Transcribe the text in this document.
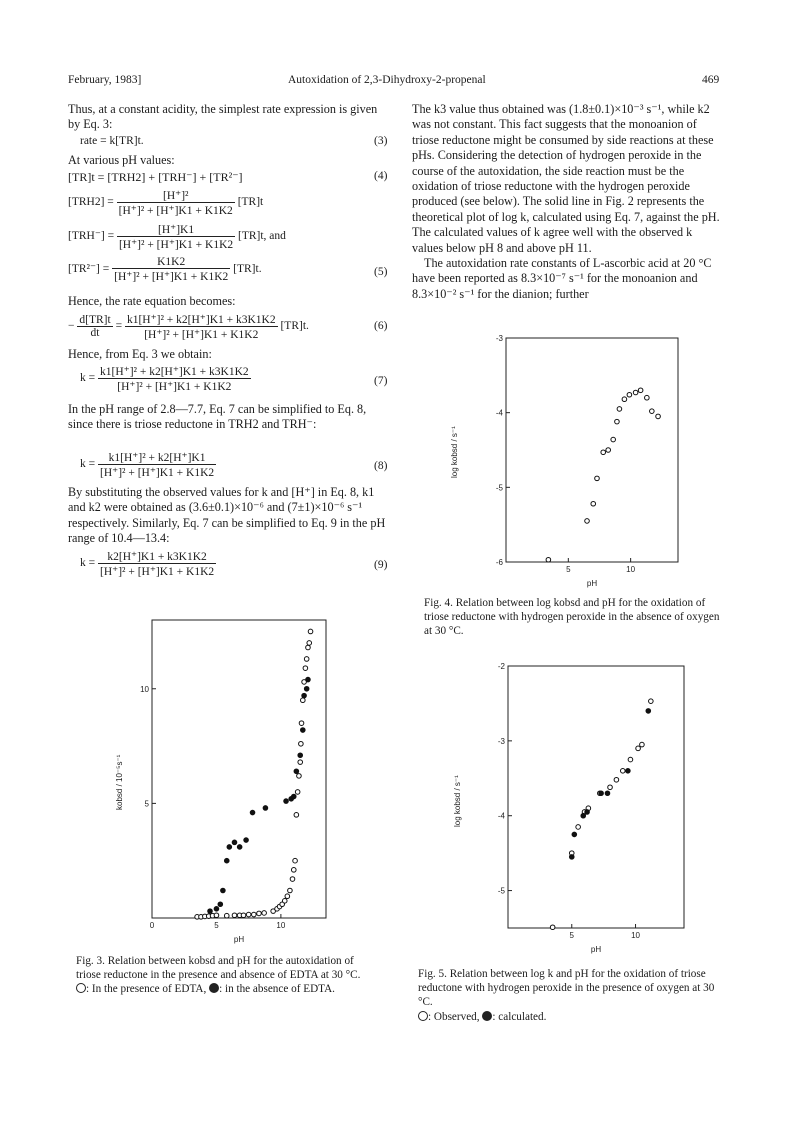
February, 1983]	Autoxidation of 2,3-Dihydroxy-2-propenal	469

Thus, at a constant acidity, the simplest rate expression is given by Eq. 3:

rate = k[TR]t.	(3)

At various pH values:

[TR]t = [TRH2] + [TRH⁻] + [TR²⁻]	(4)
$[TRH2] = \frac{\text{[H⁺]²}}{\text{[H⁺]² + [H⁺]K1 + K1K2}} [TR]t$
$[TRH^-] = \frac{[H^+]K1}{\text{[H⁺]² + [H⁺]K1 + K1K2}} [TR]t$, and
$[TR^{2-}] = \frac{K1K2}{\text{[H⁺]² + [H⁺]K1 + K1K2}} [TR]t$.	(5)

Hence, the rate equation becomes:

− $\frac{d[TR]t}{dt} = \frac{\text{k1[H⁺]² + k2[H⁺]K1 + k3K1K2}}{\text{[H⁺]² + [H⁺]K1 + K1K2}} [TR]t$.	(6)

Hence, from Eq. 3 we obtain:

$k = \frac{\text{k1[H⁺]² + k2[H⁺]K1 + k3K1K2}}{\text{[H⁺]² + [H⁺]K1 + K1K2}}$	(7)

In the pH range of 2.8—7.7, Eq. 7 can be simplified to Eq. 8, since there is triose reductone in TRH2 and TRH⁻:

$k = \frac{\text{k1[H⁺]² + k2[H⁺]K1}}{\text{[H⁺]² + [H⁺]K1 + K1K2}}$	(8)

By substituting the observed values for k and [H⁺] in Eq. 8, k1 and k2 were obtained as (3.6±0.1)×10⁻⁶ and (7±1)×10⁻⁶ s⁻¹ respectively. Similarly, Eq. 7 can be simplified to Eq. 9 in the pH range of 10.4—13.4:

$k = \frac{k2[H^+]K1 + k3K1K2}{\text{[H⁺]² + [H⁺]K1 + K1K2}}$	(9)

The k3 value thus obtained was (1.8±0.1)×10⁻³ s⁻¹, while k2 was not constant. This fact suggests that the monoanion of triose reductone might be consumed by side reactions at these pHs. Considering the detection of hydrogen peroxide in the course of the autoxidation, the side reaction must be the oxidation of triose reductone with the hydrogen peroxide produced (see below). The solid line in Fig. 2 represents the theoretical plot of log k, calculated using Eq. 7, against the pH. The calculated values of k agree well with the observed k values below pH 8 and above pH 11.

The autoxidation rate constants of L-ascorbic acid at 20 °C have been reported as 8.3×10⁻⁷ s⁻¹ for the monoanion and 8.3×10⁻² s⁻¹ for the dianion; further

0	5	10
5
10
pH
kobsd / 10⁻⁵s⁻¹

Fig. 3. Relation between kobsd and pH for the autoxidation of triose reductone in the presence and absence of EDTA at 30 °C.

: In the presence of EDTA, : in the absence of EDTA.

5	10
-6
-5
-4
-3
pH
log kobsd / s⁻¹

Fig. 4. Relation between log kobsd and pH for the oxidation of triose reductone with hydrogen peroxide in the absence of oxygen at 30 °C.

5	10
-5
-4
-3
-2
pH
log kobsd / s⁻¹

Fig. 5. Relation between log k and pH for the oxidation of triose reductone with hydrogen peroxide in the presence of oxygen at 30 °C.

: Observed, : calculated.
